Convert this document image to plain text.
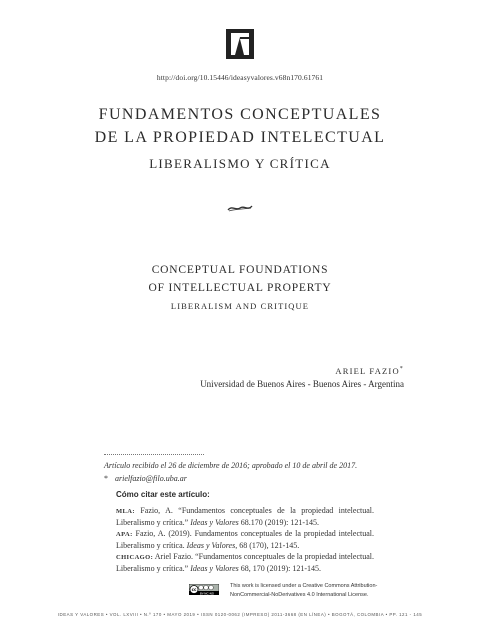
http://doi.org/10.15446/ideasyvalores.v68n170.61761
FUNDAMENTOS CONCEPTUALES
DE LA PROPIEDAD INTELECTUAL
LIBERALISMO Y CRÍTICA
CONCEPTUAL FOUNDATIONS
OF INTELLECTUAL PROPERTY
LIBERALISM AND CRITIQUE
ARIEL FAZIO*
Universidad de Buenos Aires - Buenos Aires - Argentina
Artículo recibido el 26 de diciembre de 2016; aprobado el 10 de abril de 2017.
* arielfazio@filo.uba.ar
Cómo citar este artículo:
MLA: Fazio, A. “Fundamentos conceptuales de la propiedad intelectual. Liberalismo y crítica.” Ideas y Valores 68.170 (2019): 121-145.
APA: Fazio, A. (2019). Fundamentos conceptuales de la propiedad intelectual. Liberalismo y crítica. Ideas y Valores, 68 (170), 121-145.
CHICAGO: Ariel Fazio. “Fundamentos conceptuales de la propiedad intelectual. Liberalismo y crítica.” Ideas y Valores 68, 170 (2019): 121-145.
cc
BY-NC-ND
This work is licensed under a Creative Commons Attribution-
NonCommercial-NoDerivatives 4.0 International License.
IDEAS Y VALORES • VOL. LXVIII • N.º 170 • MAYO 2019 • ISSN 0120-0062 (IMPRESO) 2011-3668 (EN LÍNEA) • BOGOTÁ, COLOMBIA • PP. 121 - 145
